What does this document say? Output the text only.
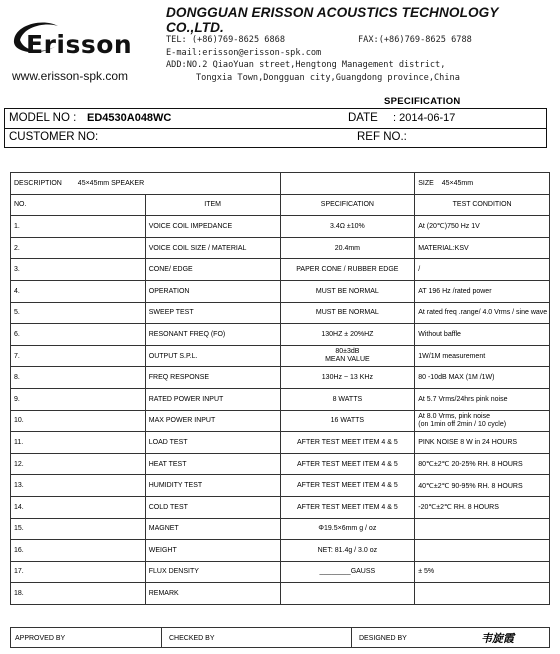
Erisson
www.erisson-spk.com
DONGGUAN ERISSON ACOUSTICS TECHNOLOGY CO.,LTD.
TEL: (+86)769-8625 6868	FAX:(+86)769-8625 6788
E-mail:erisson@erisson-spk.com
ADD:NO.2 QiaoYuan street,Hengtong Management district,
Tongxia Town,Dongguan city,Guangdong province,China
SPECIFICATION
MODEL NO : ED4530A048WC	DATE : 2014-06-17
CUSTOMER NO:	REF NO.:
DESCRIPTION 45×45mm SPEAKER			SIZE 45×45mm
NO.	ITEM	SPECIFICATION	TEST CONDITION
1.	VOICE COIL IMPEDANCE	3.4Ω ±10%	At (20℃)750 Hz 1V
2.	VOICE COIL SIZE / MATERIAL	20.4mm	MATERIAL:KSV
3.	CONE/ EDGE	PAPER CONE / RUBBER EDGE	/
4.	OPERATION	MUST BE NORMAL	AT 196 Hz /rated power
5.	SWEEP TEST	MUST BE NORMAL	At rated freq .range/ 4.0 Vrms / sine wave
6.	RESONANT FREQ (FO)	130HZ ± 20%HZ	Without baffle
7.	OUTPUT S.P.L.	80±3dB
MEAN VALUE	1W/1M measurement
8.	FREQ RESPONSE	130Hz ~ 13 KHz	80 -10dB MAX (1M /1W)
9.	RATED POWER INPUT	8 WATTS	At 5.7 Vrms/24hrs pink noise
10.	MAX POWER INPUT	16 WATTS	At 8.0 Vrms, pink noise
(on 1min off 2min / 10 cycle)
11.	LOAD TEST	AFTER TEST MEET ITEM 4 & 5	PINK NOISE 8 W in 24 HOURS
12.	HEAT TEST	AFTER TEST MEET ITEM 4 & 5	80℃±2℃ 20-25% RH. 8 HOURS
13.	HUMIDITY TEST	AFTER TEST MEET ITEM 4 & 5	40℃±2℃ 90-95% RH. 8 HOURS
14.	COLD TEST	AFTER TEST MEET ITEM 4 & 5	-20℃±2℃ RH. 8 HOURS
15.	MAGNET	Φ19.5×6mm g / oz	
16.	WEIGHT	NET: 81.4g / 3.0 oz	
17.	FLUX DENSITY	________GAUSS	± 5%
18.	REMARK		
APPROVED BY	CHECKED BY	DESIGNED BY	韦旋霞
